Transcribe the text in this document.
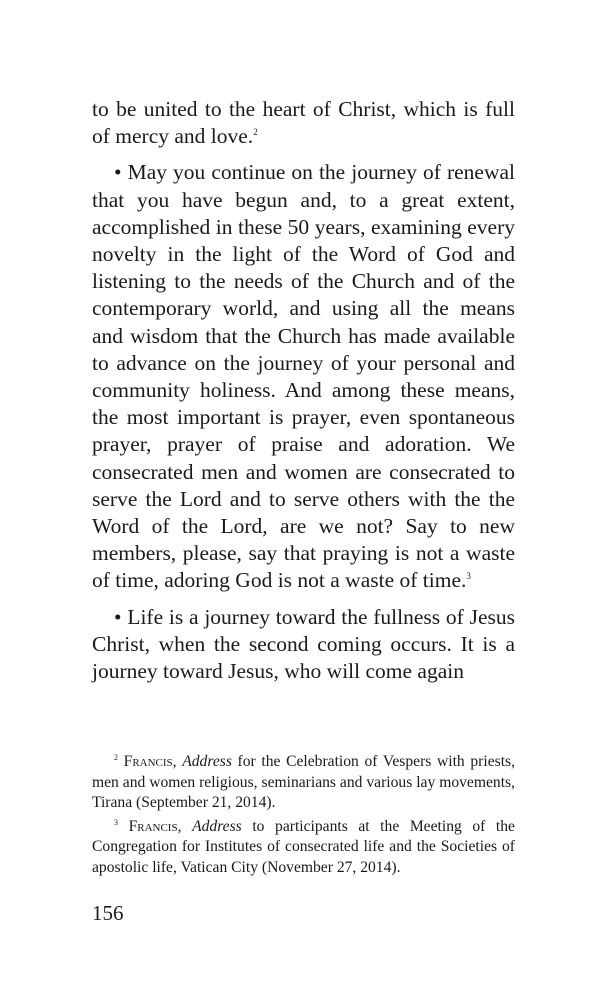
to be united to the heart of Christ, which is full of mercy and love.$^2$

• May you continue on the journey of renewal that you have begun and, to a great extent, accomplished in these 50 years, examining every novelty in the light of the Word of God and listening to the needs of the Church and of the contemporary world, and using all the means and wisdom that the Church has made available to advance on the journey of your personal and community holiness. And among these means, the most important is prayer, even spontaneous prayer, prayer of praise and adoration. We consecrated men and women are consecrated to serve the Lord and to serve others with the the Word of the Lord, are we not? Say to new members, please, say that praying is not a waste of time, adoring God is not a waste of time.$^3$

• Life is a journey toward the fullness of Jesus Christ, when the second coming occurs. It is a journey toward Jesus, who will come again

$^2$ Francis, Address for the Celebration of Vespers with priests, men and women religious, seminarians and various lay movements, Tirana (September 21, 2014).

$^3$ Francis, Address to participants at the Meeting of the Congregation for Institutes of consecrated life and the Societies of apostolic life, Vatican City (November 27, 2014).

156
